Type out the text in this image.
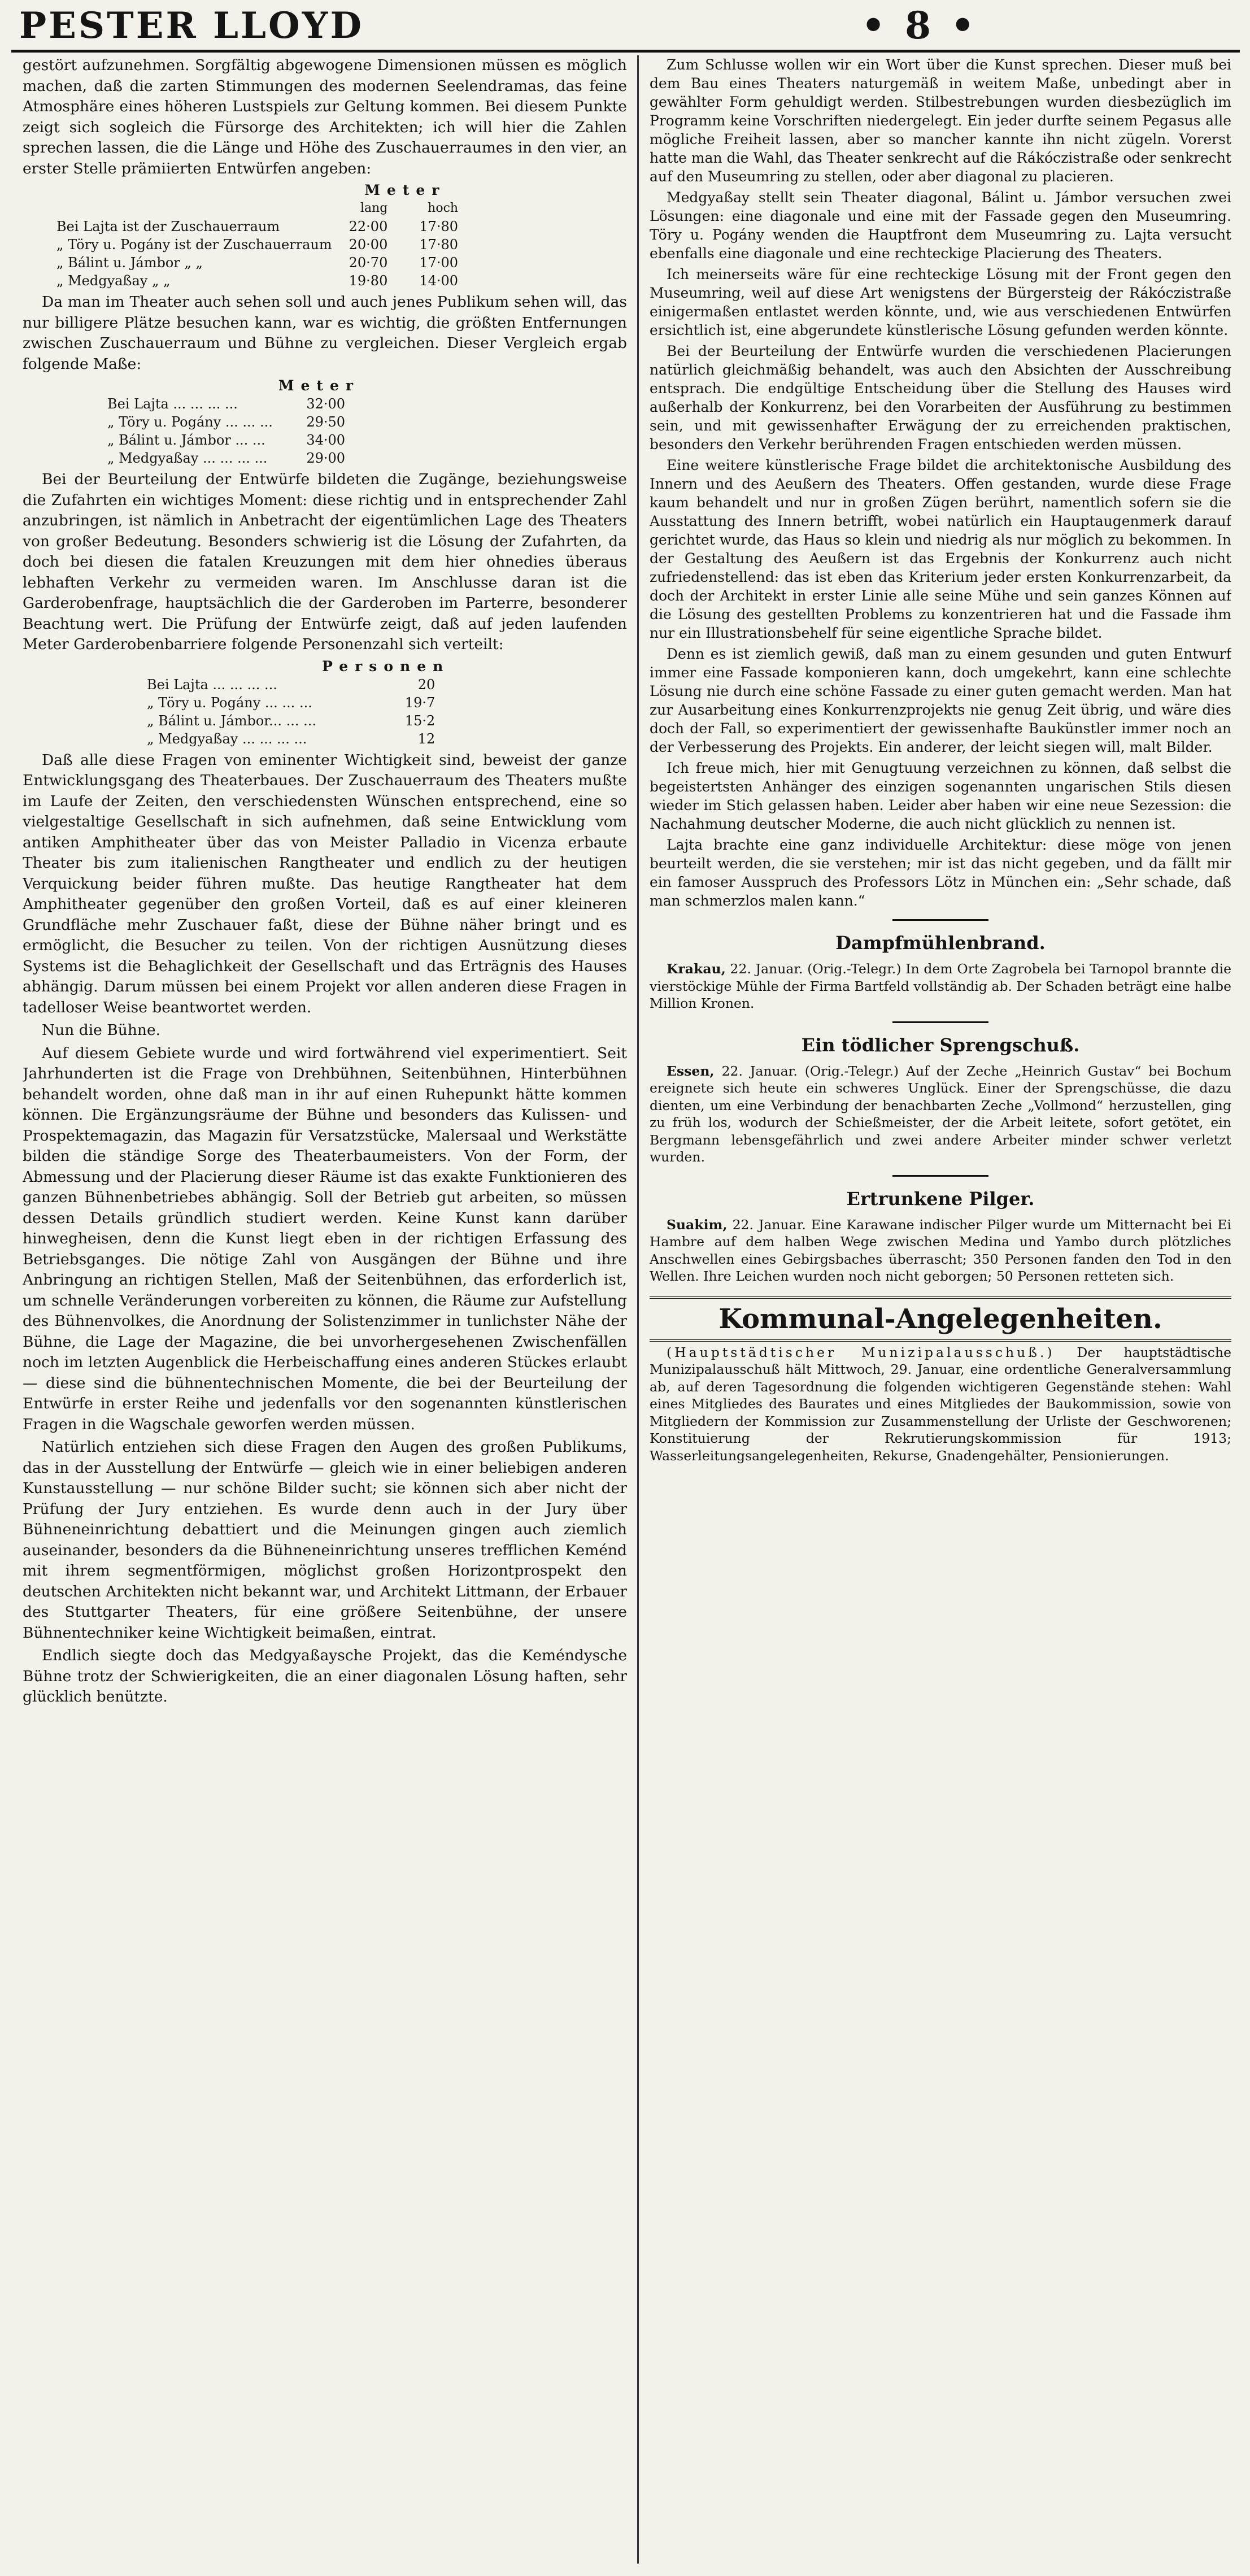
PESTER LLOYD	• 8 •

gestört aufzunehmen. Sorgfältig abgewogene Dimensionen müssen es möglich machen, daß die zarten Stimmungen des modernen Seelendramas, das feine Atmosphäre eines höheren Lustspiels zur Geltung kommen. Bei diesem Punkte zeigt sich sogleich die Fürsorge des Architekten; ich will hier die Zahlen sprechen lassen, die die Länge und Höhe des Zuschauerraumes in den vier, an erster Stelle prämiierten Entwürfen angeben:

	Meter	
	lang	hoch
Bei Lajta ist der Zuschauerraum	22·00	17·80
„ Töry u. Pogány ist der Zuschauerraum	20·00	17·80
„ Bálint u. Jámbor „ „	20·70	17·00
„ Medgyaßay „ „	19·80	14·00

Da man im Theater auch sehen soll und auch jenes Publikum sehen will, das nur billigere Plätze besuchen kann, war es wichtig, die größten Entfernungen zwischen Zuschauerraum und Bühne zu vergleichen. Dieser Vergleich ergab folgende Maße:

	Meter
Bei Lajta ... ... ... ...	32·00
„ Töry u. Pogány ... ... ...	29·50
„ Bálint u. Jámbor ... ...	34·00
„ Medgyaßay ... ... ... ...	29·00

Bei der Beurteilung der Entwürfe bildeten die Zugänge, beziehungsweise die Zufahrten ein wichtiges Moment: diese richtig und in entsprechender Zahl anzubringen, ist nämlich in Anbetracht der eigentümlichen Lage des Theaters von großer Bedeutung. Besonders schwierig ist die Lösung der Zufahrten, da doch bei diesen die fatalen Kreuzungen mit dem hier ohnedies überaus lebhaften Verkehr zu vermeiden waren. Im Anschlusse daran ist die Garderobenfrage, hauptsächlich die der Garderoben im Parterre, besonderer Beachtung wert. Die Prüfung der Entwürfe zeigt, daß auf jeden laufenden Meter Garderobenbarriere folgende Personenzahl sich verteilt:

	Personen
Bei Lajta ... ... ... ...	20
„ Töry u. Pogány ... ... ...	19·7
„ Bálint u. Jámbor... ... ...	15·2
„ Medgyaßay ... ... ... ...	12

Daß alle diese Fragen von eminenter Wichtigkeit sind, beweist der ganze Entwicklungsgang des Theaterbaues. Der Zuschauerraum des Theaters mußte im Laufe der Zeiten, den verschiedensten Wünschen entsprechend, eine so vielgestaltige Gesellschaft in sich aufnehmen, daß seine Entwicklung vom antiken Amphitheater über das von Meister Palladio in Vicenza erbaute Theater bis zum italienischen Rangtheater und endlich zu der heutigen Verquickung beider führen mußte. Das heutige Rangtheater hat dem Amphitheater gegenüber den großen Vorteil, daß es auf einer kleineren Grundfläche mehr Zuschauer faßt, diese der Bühne näher bringt und es ermöglicht, die Besucher zu teilen. Von der richtigen Ausnützung dieses Systems ist die Behaglichkeit der Gesellschaft und das Erträgnis des Hauses abhängig. Darum müssen bei einem Projekt vor allen anderen diese Fragen in tadelloser Weise beantwortet werden.

Nun die Bühne.

Auf diesem Gebiete wurde und wird fortwährend viel experimentiert. Seit Jahrhunderten ist die Frage von Drehbühnen, Seitenbühnen, Hinterbühnen behandelt worden, ohne daß man in ihr auf einen Ruhepunkt hätte kommen können. Die Ergänzungsräume der Bühne und besonders das Kulissen- und Prospektemagazin, das Magazin für Versatzstücke, Malersaal und Werkstätte bilden die ständige Sorge des Theaterbaumeisters. Von der Form, der Abmessung und der Placierung dieser Räume ist das exakte Funktionieren des ganzen Bühnenbetriebes abhängig. Soll der Betrieb gut arbeiten, so müssen dessen Details gründlich studiert werden. Keine Kunst kann darüber hinwegheisen, denn die Kunst liegt eben in der richtigen Erfassung des Betriebsganges. Die nötige Zahl von Ausgängen der Bühne und ihre Anbringung an richtigen Stellen, Maß der Seitenbühnen, das erforderlich ist, um schnelle Veränderungen vorbereiten zu können, die Räume zur Aufstellung des Bühnenvolkes, die Anordnung der Solistenzimmer in tunlichster Nähe der Bühne, die Lage der Magazine, die bei unvorhergesehenen Zwischenfällen noch im letzten Augenblick die Herbeischaffung eines anderen Stückes erlaubt — diese sind die bühnentechnischen Momente, die bei der Beurteilung der Entwürfe in erster Reihe und jedenfalls vor den sogenannten künstlerischen Fragen in die Wagschale geworfen werden müssen.

Natürlich entziehen sich diese Fragen den Augen des großen Publikums, das in der Ausstellung der Entwürfe — gleich wie in einer beliebigen anderen Kunstausstellung — nur schöne Bilder sucht; sie können sich aber nicht der Prüfung der Jury entziehen. Es wurde denn auch in der Jury über Bühneneinrichtung debattiert und die Meinungen gingen auch ziemlich auseinander, besonders da die Bühneneinrichtung unseres trefflichen Keménd mit ihrem segmentförmigen, möglichst großen Horizontprospekt den deutschen Architekten nicht bekannt war, und Architekt Littmann, der Erbauer des Stuttgarter Theaters, für eine größere Seitenbühne, der unsere Bühnentechniker keine Wichtigkeit beimaßen, eintrat.

Endlich siegte doch das Medgyaßaysche Projekt, das die Keméndysche Bühne trotz der Schwierigkeiten, die an einer diagonalen Lösung haften, sehr glücklich benützte.

Zum Schlusse wollen wir ein Wort über die Kunst sprechen. Dieser muß bei dem Bau eines Theaters naturgemäß in weitem Maße, unbedingt aber in gewählter Form gehuldigt werden. Stilbestrebungen wurden diesbezüglich im Programm keine Vorschriften niedergelegt. Ein jeder durfte seinem Pegasus alle mögliche Freiheit lassen, aber so mancher kannte ihn nicht zügeln. Vorerst hatte man die Wahl, das Theater senkrecht auf die Rákóczistraße oder senkrecht auf den Museumring zu stellen, oder aber diagonal zu placieren.

Medgyaßay stellt sein Theater diagonal, Bálint u. Jámbor versuchen zwei Lösungen: eine diagonale und eine mit der Fassade gegen den Museumring. Töry u. Pogány wenden die Hauptfront dem Museumring zu. Lajta versucht ebenfalls eine diagonale und eine rechteckige Placierung des Theaters.

Ich meinerseits wäre für eine rechteckige Lösung mit der Front gegen den Museumring, weil auf diese Art wenigstens der Bürgersteig der Rákóczistraße einigermaßen entlastet werden könnte, und, wie aus verschiedenen Entwürfen ersichtlich ist, eine abgerundete künstlerische Lösung gefunden werden könnte.

Bei der Beurteilung der Entwürfe wurden die verschiedenen Placierungen natürlich gleichmäßig behandelt, was auch den Absichten der Ausschreibung entsprach. Die endgültige Entscheidung über die Stellung des Hauses wird außerhalb der Konkurrenz, bei den Vorarbeiten der Ausführung zu bestimmen sein, und mit gewissenhafter Erwägung der zu erreichenden praktischen, besonders den Verkehr berührenden Fragen entschieden werden müssen.

Eine weitere künstlerische Frage bildet die architektonische Ausbildung des Innern und des Aeußern des Theaters. Offen gestanden, wurde diese Frage kaum behandelt und nur in großen Zügen berührt, namentlich sofern sie die Ausstattung des Innern betrifft, wobei natürlich ein Hauptaugenmerk darauf gerichtet wurde, das Haus so klein und niedrig als nur möglich zu bekommen. In der Gestaltung des Aeußern ist das Ergebnis der Konkurrenz auch nicht zufriedenstellend: das ist eben das Kriterium jeder ersten Konkurrenzarbeit, da doch der Architekt in erster Linie alle seine Mühe und sein ganzes Können auf die Lösung des gestellten Problems zu konzentrieren hat und die Fassade ihm nur ein Illustrationsbehelf für seine eigentliche Sprache bildet.

Denn es ist ziemlich gewiß, daß man zu einem gesunden und guten Entwurf immer eine Fassade komponieren kann, doch umgekehrt, kann eine schlechte Lösung nie durch eine schöne Fassade zu einer guten gemacht werden. Man hat zur Ausarbeitung eines Konkurrenzprojekts nie genug Zeit übrig, und wäre dies doch der Fall, so experimentiert der gewissenhafte Baukünstler immer noch an der Verbesserung des Projekts. Ein anderer, der leicht siegen will, malt Bilder.

Ich freue mich, hier mit Genugtuung verzeichnen zu können, daß selbst die begeistertsten Anhänger des einzigen sogenannten ungarischen Stils diesen wieder im Stich gelassen haben. Leider aber haben wir eine neue Sezession: die Nachahmung deutscher Moderne, die auch nicht glücklich zu nennen ist.

Lajta brachte eine ganz individuelle Architektur: diese möge von jenen beurteilt werden, die sie verstehen; mir ist das nicht gegeben, und da fällt mir ein famoser Ausspruch des Professors Lötz in München ein: „Sehr schade, daß man schmerzlos malen kann.“

Dampfmühlenbrand.

Krakau, 22. Januar. (Orig.-Telegr.) In dem Orte Zagrobela bei Tarnopol brannte die vierstöckige Mühle der Firma Bartfeld vollständig ab. Der Schaden beträgt eine halbe Million Kronen.

Ein tödlicher Sprengschuß.

Essen, 22. Januar. (Orig.-Telegr.) Auf der Zeche „Heinrich Gustav“ bei Bochum ereignete sich heute ein schweres Unglück. Einer der Sprengschüsse, die dazu dienten, um eine Verbindung der benachbarten Zeche „Vollmond“ herzustellen, ging zu früh los, wodurch der Schießmeister, der die Arbeit leitete, sofort getötet, ein Bergmann lebensgefährlich und zwei andere Arbeiter minder schwer verletzt wurden.

Ertrunkene Pilger.

Suakim, 22. Januar. Eine Karawane indischer Pilger wurde um Mitternacht bei Ei Hambre auf dem halben Wege zwischen Medina und Yambo durch plötzliches Anschwellen eines Gebirgsbaches überrascht; 350 Personen fanden den Tod in den Wellen. Ihre Leichen wurden noch nicht geborgen; 50 Personen retteten sich.

Kommunal-Angelegenheiten.

(Hauptstädtischer Munizipalausschuß.) Der hauptstädtische Munizipalausschuß hält Mittwoch, 29. Januar, eine ordentliche Generalversammlung ab, auf deren Tagesordnung die folgenden wichtigeren Gegenstände stehen: Wahl eines Mitgliedes des Baurates und eines Mitgliedes der Baukommission, sowie von Mitgliedern der Kommission zur Zusammenstellung der Urliste der Geschworenen; Konstituierung der Rekrutierungskommission für 1913; Wasserleitungsangelegenheiten, Rekurse, Gnadengehälter, Pensionierungen.
